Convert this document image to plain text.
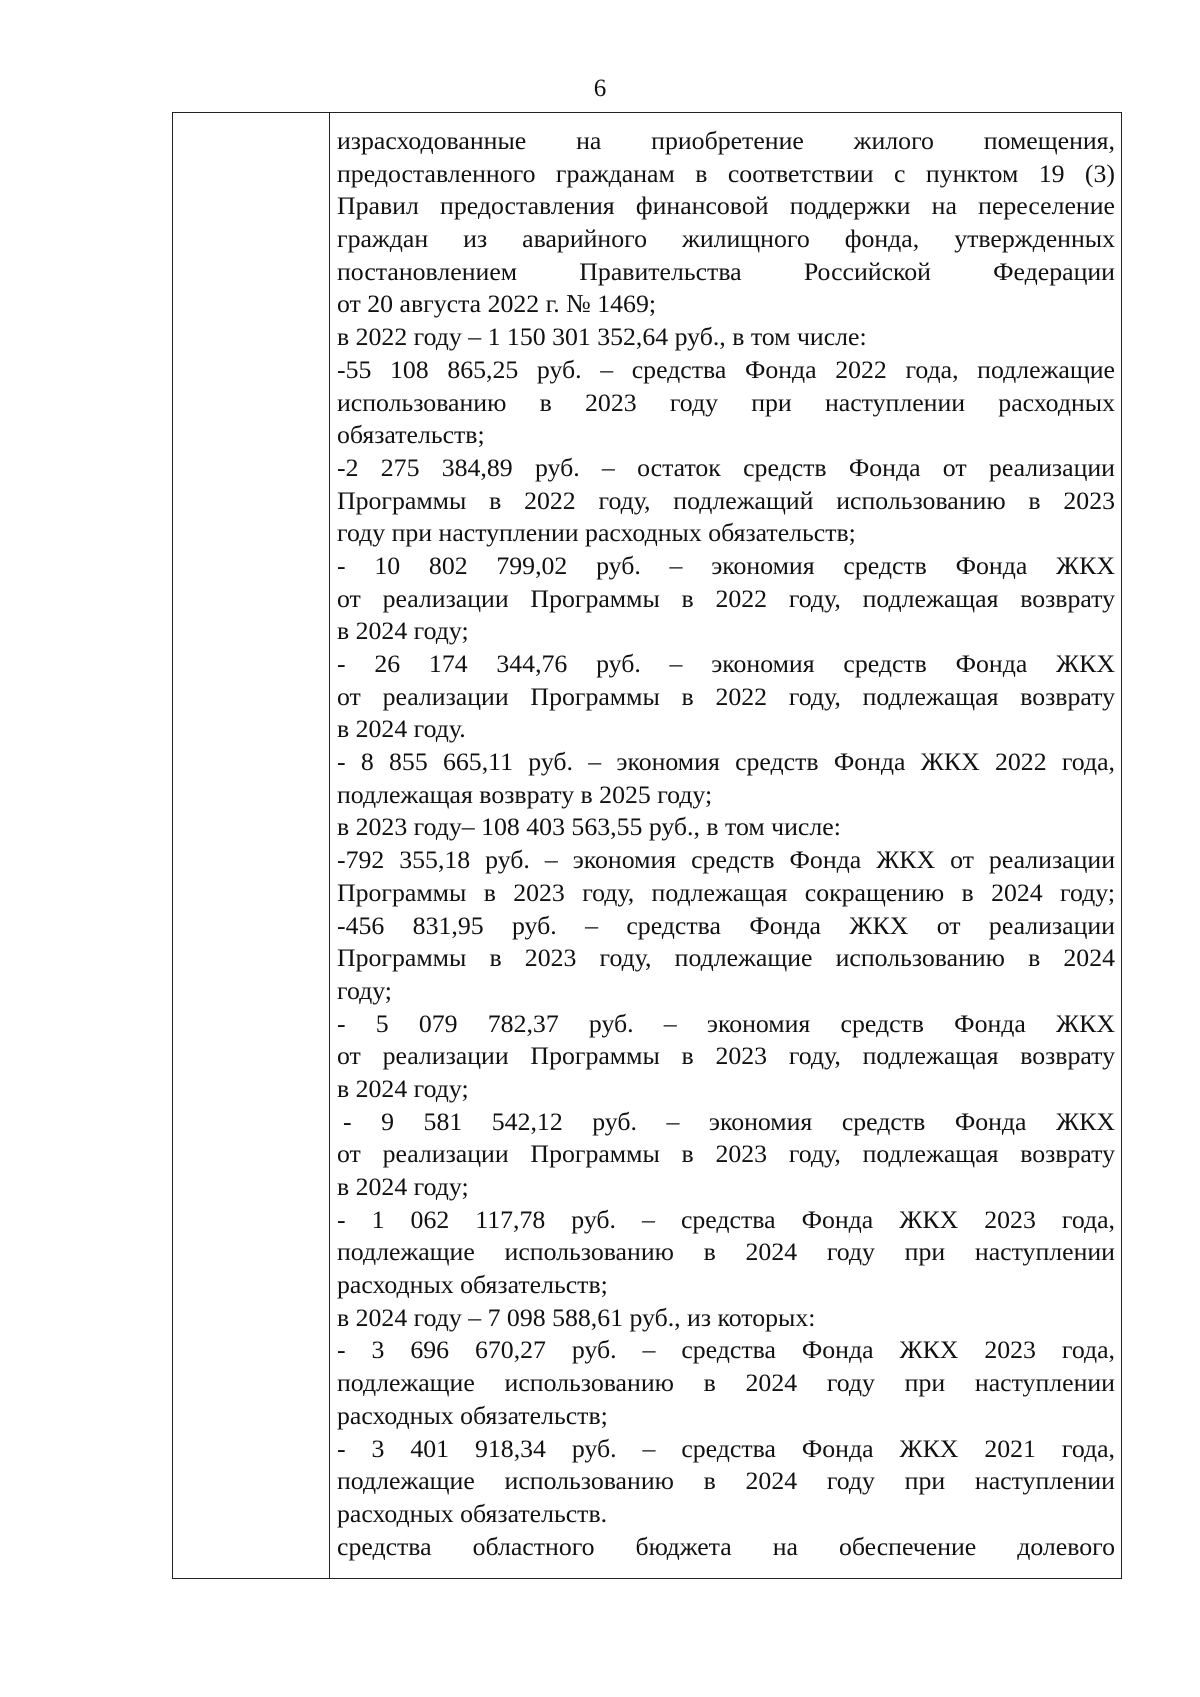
6
израсходованные на приобретение жилого помещения,
предоставленного гражданам в соответствии с пунктом 19 (3)
Правил предоставления финансовой поддержки на переселение
граждан из аварийного жилищного фонда, утвержденных
постановлением Правительства Российской Федерации
от 20 августа 2022 г. № 1469;
в 2022 году – 1 150 301 352,64 руб., в том числе:
-55 108 865,25 руб. – средства Фонда 2022 года, подлежащие
использованию в 2023 году при наступлении расходных
обязательств;
-2 275 384,89 руб. – остаток средств Фонда от реализации
Программы в 2022 году, подлежащий использованию в 2023
году при наступлении расходных обязательств;
- 10 802 799,02 руб. – экономия средств Фонда ЖКХ
от реализации Программы в 2022 году, подлежащая возврату
в 2024 году;
- 26 174 344,76 руб. – экономия средств Фонда ЖКХ
от реализации Программы в 2022 году, подлежащая возврату
в 2024 году.
- 8 855 665,11 руб. – экономия средств Фонда ЖКХ 2022 года,
подлежащая возврату в 2025 году;
в 2023 году– 108 403 563,55 руб., в том числе:
-792 355,18 руб. – экономия средств Фонда ЖКХ от реализации
Программы в 2023 году, подлежащая сокращению в 2024 году;
-456 831,95 руб. – средства Фонда ЖКХ от реализации
Программы в 2023 году, подлежащие использованию в 2024
году;
- 5 079 782,37 руб. – экономия средств Фонда ЖКХ
от реализации Программы в 2023 году, подлежащая возврату
в 2024 году;
- 9 581 542,12 руб. – экономия средств Фонда ЖКХ
от реализации Программы в 2023 году, подлежащая возврату
в 2024 году;
- 1 062 117,78 руб. – средства Фонда ЖКХ 2023 года,
подлежащие использованию в 2024 году при наступлении
расходных обязательств;
в 2024 году – 7 098 588,61 руб., из которых:
- 3 696 670,27 руб. – средства Фонда ЖКХ 2023 года,
подлежащие использованию в 2024 году при наступлении
расходных обязательств;
- 3 401 918,34 руб. – средства Фонда ЖКХ 2021 года,
подлежащие использованию в 2024 году при наступлении
расходных обязательств.
средства областного бюджета на обеспечение долевого
